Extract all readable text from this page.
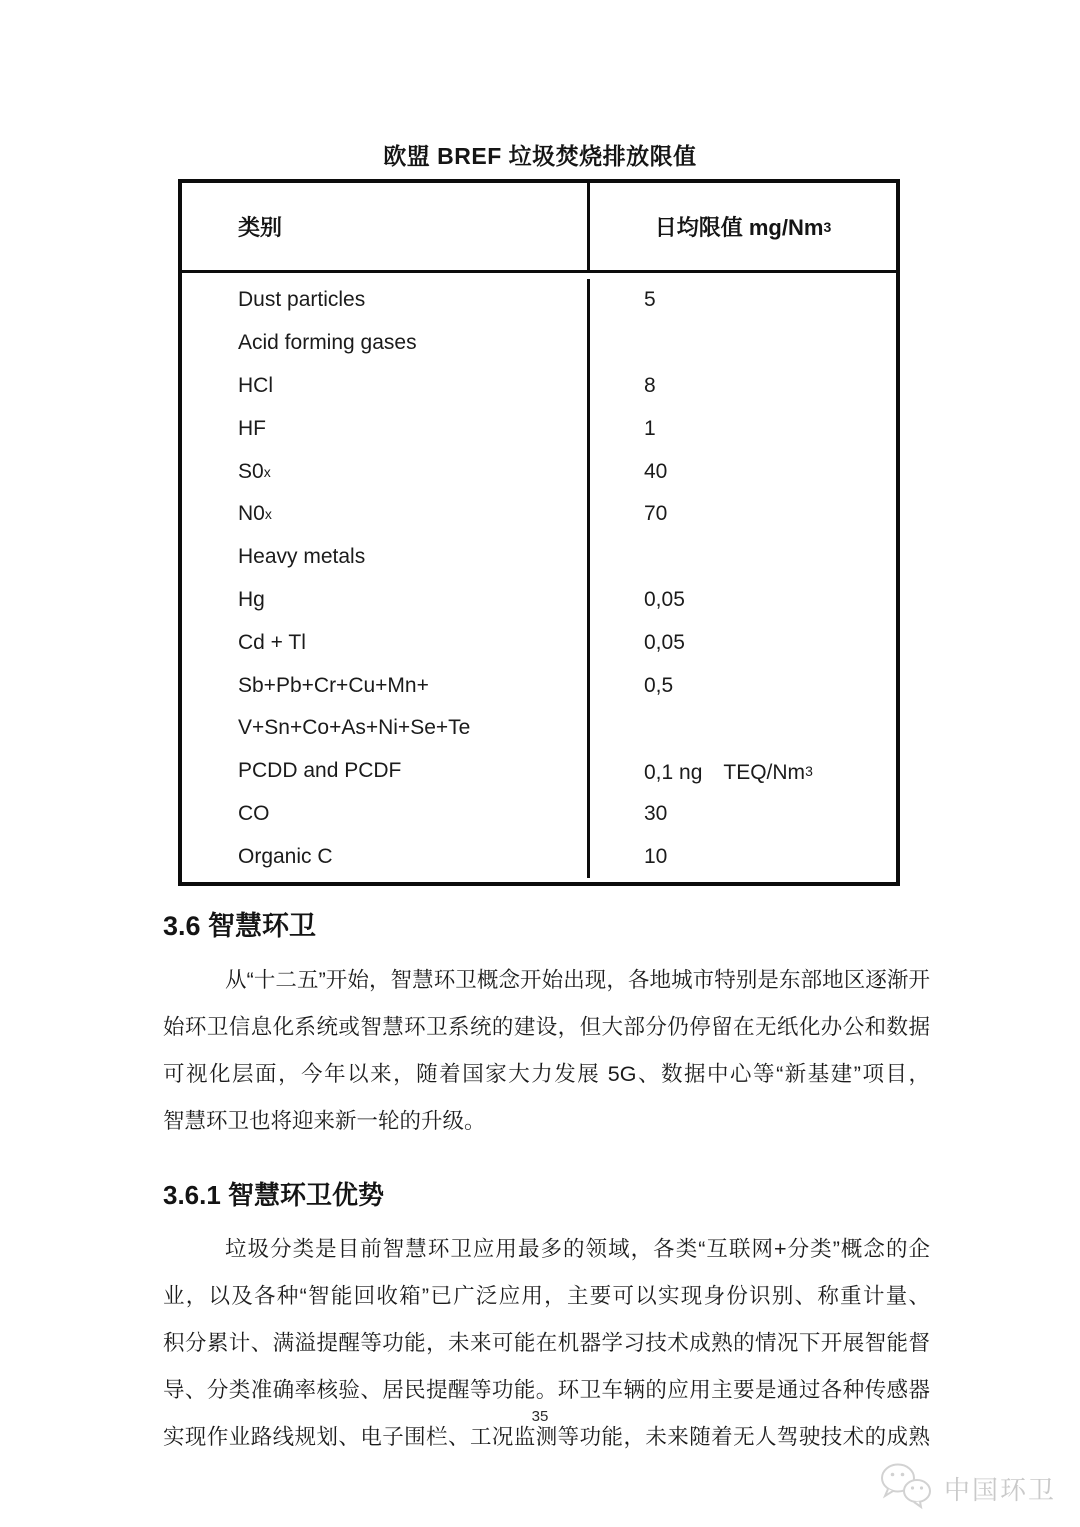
欧盟 BREF 垃圾焚烧排放限值
类别	日均限值 mg/Nm 3
Dust particles	5
Acid forming gases
HCl	8
HF	1
S0 x	40
N0 x	70
Heavy metals
Hg	0,05
Cd + Tl	0,05
Sb+Pb+Cr+Cu+Mn+	0,5
V+Sn+Co+As+Ni+Se+Te
PCDD and PCDF	0,1 ng　TEQ/Nm 3
CO	30
Organic C	10
3.6 智慧环卫
从“十二五”开始，智慧环卫概念开始出现，各地城市特别是东部地区逐渐开
始环卫信息化系统或智慧环卫系统的建设，但大部分仍停留在无纸化办公和数据
可视化层面，今年以来，随着国家大力发展 5G、数据中心等“新基建”项目，
智慧环卫也将迎来新一轮的升级。
3.6.1 智慧环卫优势
垃圾分类是目前智慧环卫应用最多的领域，各类“互联网+分类”概念的企
业，以及各种“智能回收箱”已广泛应用，主要可以实现身份识别、称重计量、
积分累计、满溢提醒等功能，未来可能在机器学习技术成熟的情况下开展智能督
导、分类准确率核验、居民提醒等功能。环卫车辆的应用主要是通过各种传感器
实现作业路线规划、电子围栏、工况监测等功能，未来随着无人驾驶技术的成熟
35
中国环卫
